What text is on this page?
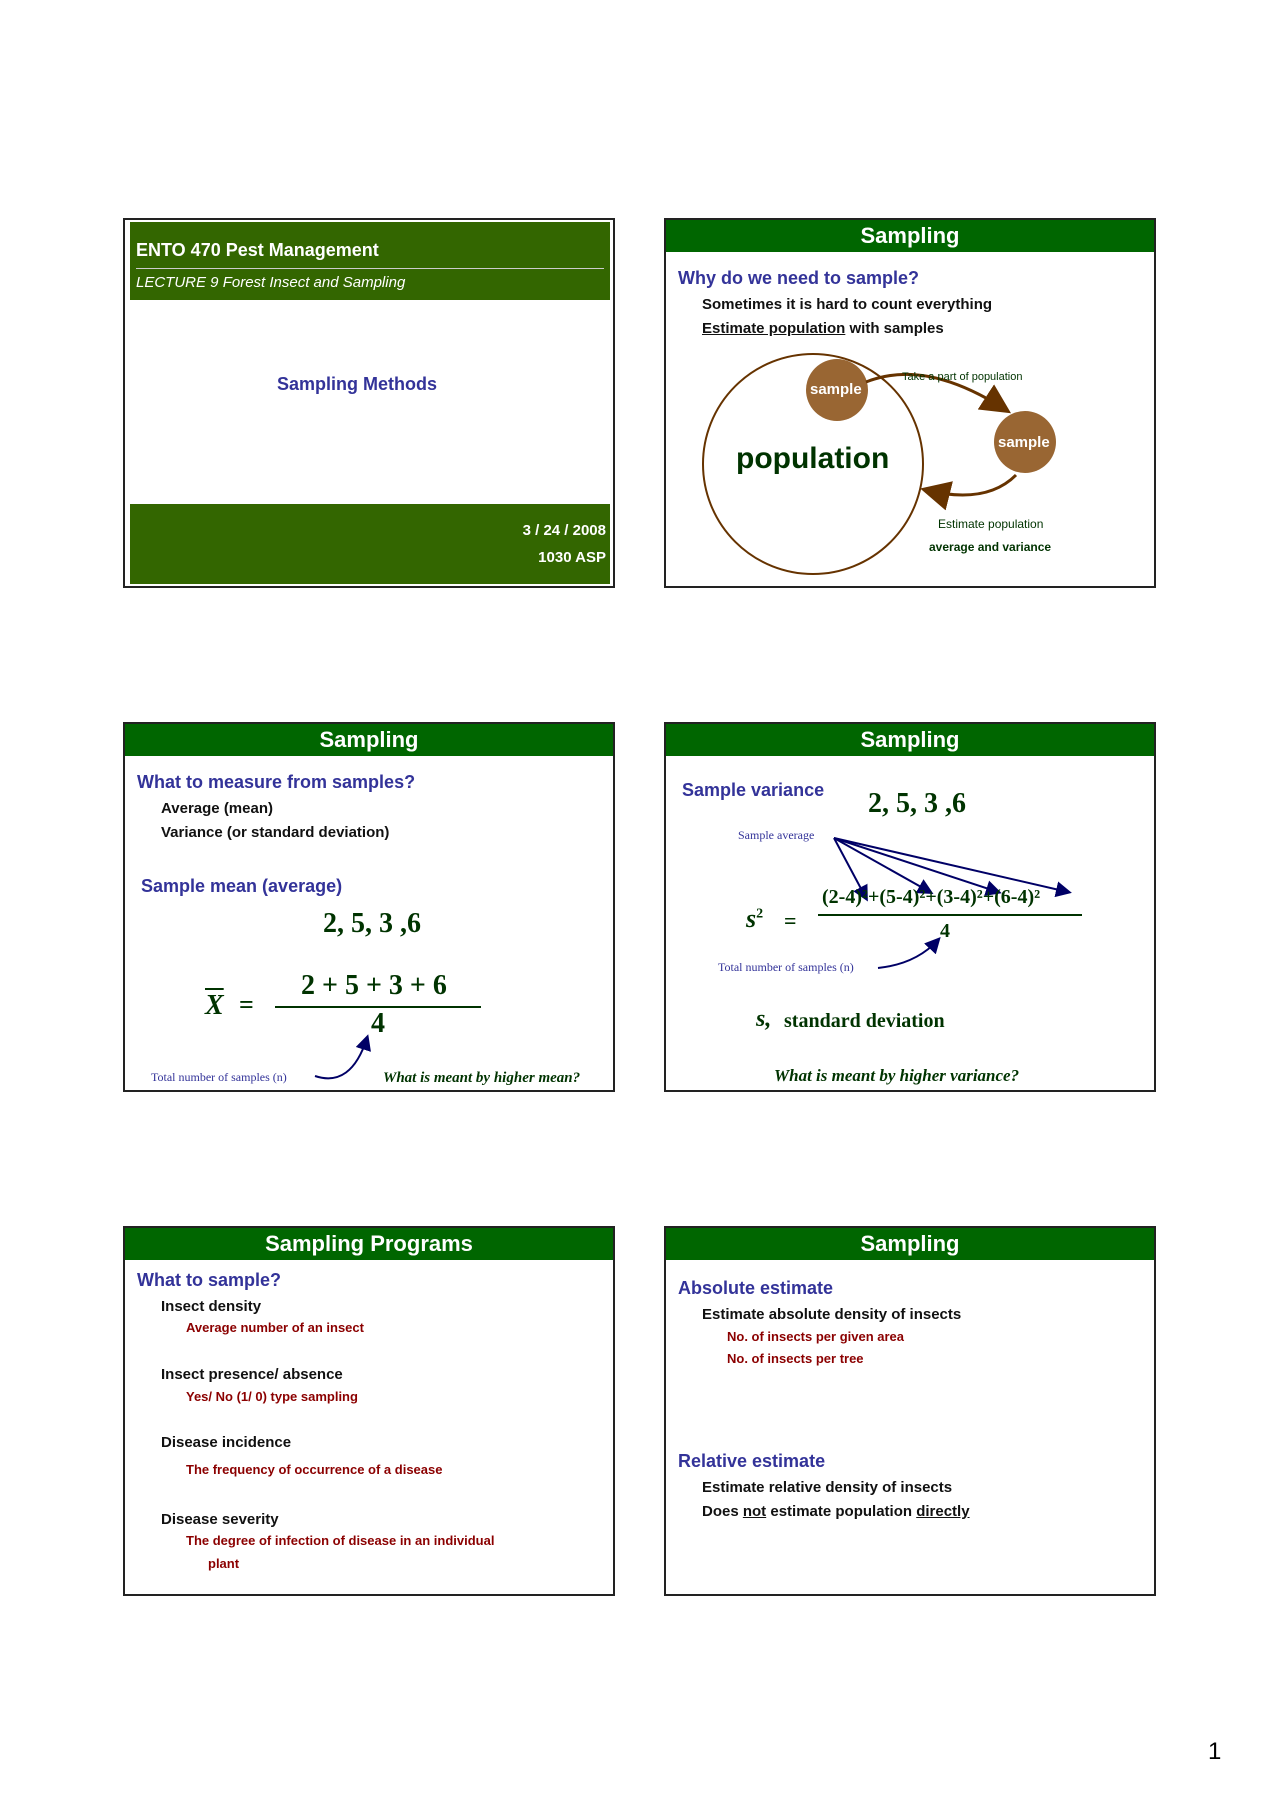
ENTO 470 Pest Management
LECTURE 9 Forest Insect and Sampling
Sampling Methods
3 / 24 / 2008
1030 ASP
Sampling
Why do we need to sample?
Sometimes it is hard to count everything
Estimate population with samples
sample
sample
population
Take a part of population
Estimate population
average and variance
Sampling
What to measure from samples?
Average (mean)
Variance (or standard deviation)
Sample mean (average)
2, 5, 3 ,6
$\overline{X}$ =
2 + 5 + 3 + 6
4
Total number of samples (n)	What is meant by higher mean?
Sampling
Sample variance 2, 5, 3 ,6
Sample average
$s^2$ =
(2-4)²+(5-4)²+(3-4)²+(6-4)²
4
Total number of samples (n)
s, standard deviation
What is meant by higher variance?
Sampling Programs
What to sample?
Insect density
Average number of an insect
Insect presence/ absence
Yes/ No (1/ 0) type sampling
Disease incidence
The frequency of occurrence of a disease
Disease severity
The degree of infection of disease in an individual
plant
Sampling
Absolute estimate
Estimate absolute density of insects
No. of insects per given area
No. of insects per tree
Relative estimate
Estimate relative density of insects
Does not estimate population directly
1
